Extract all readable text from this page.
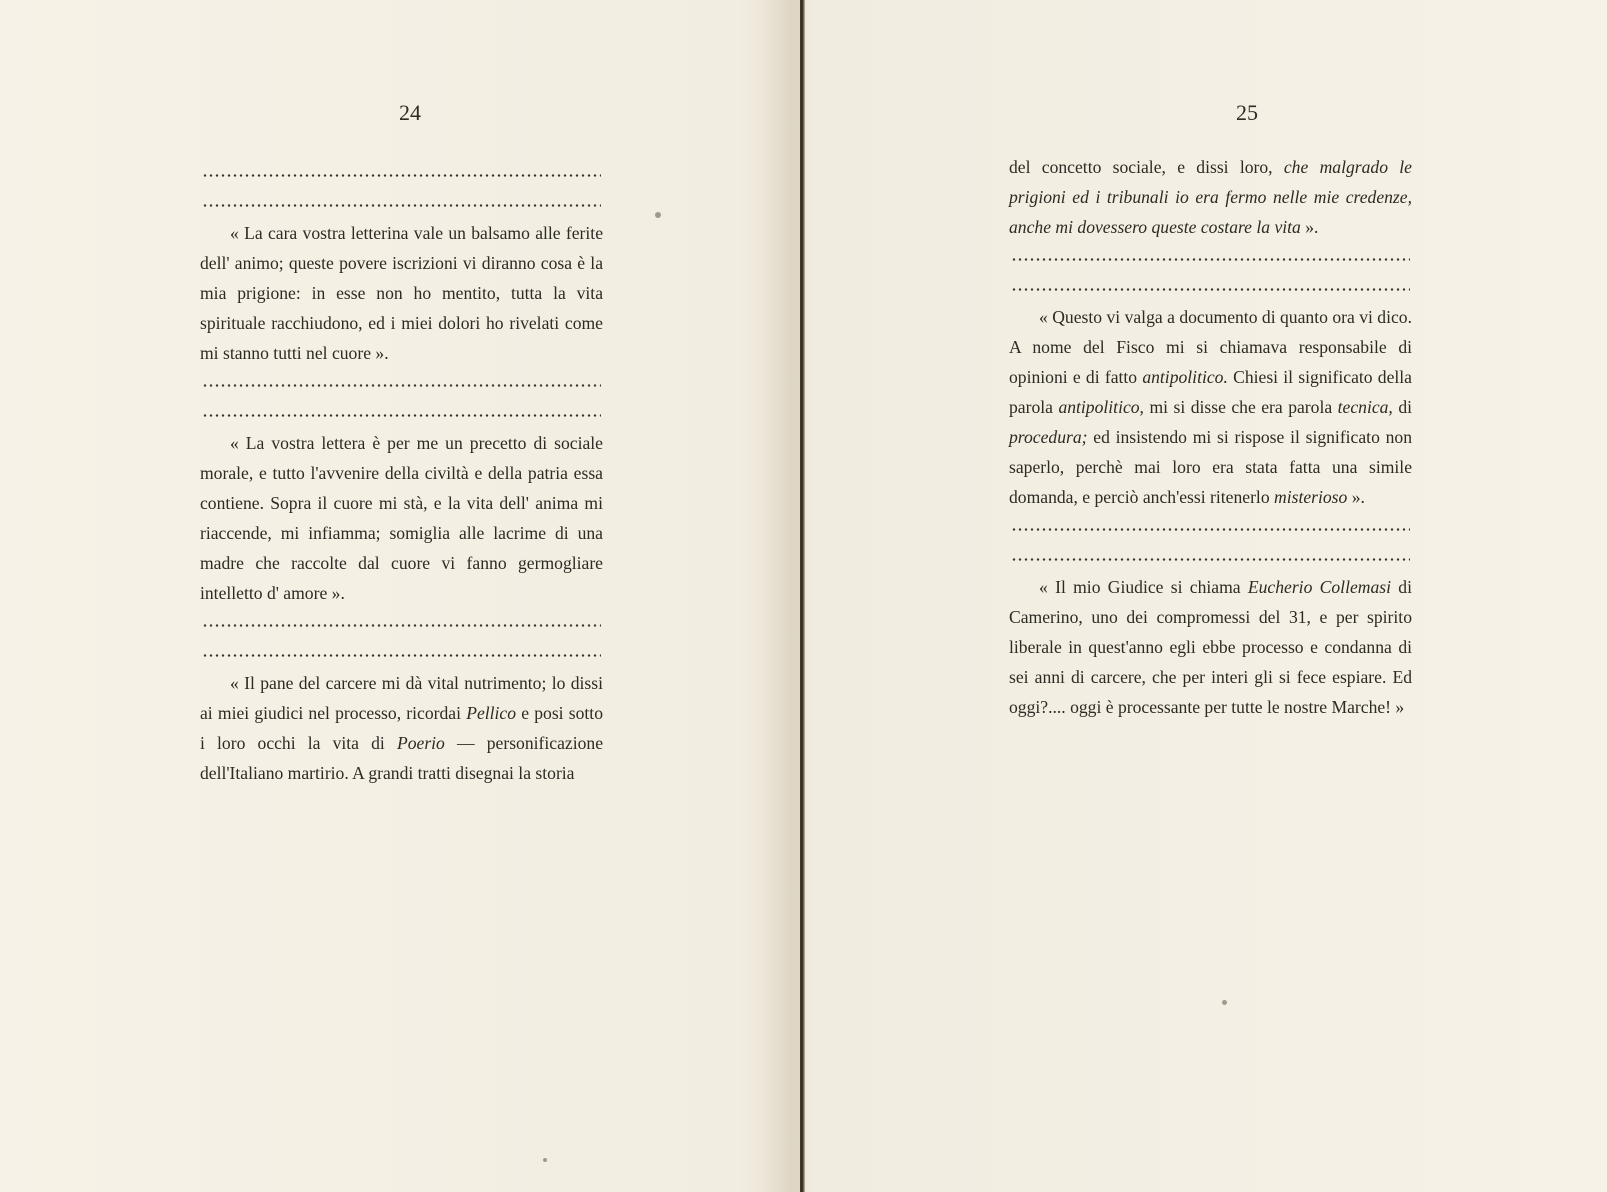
24

« La cara vostra letterina vale un balsamo alle ferite dell' animo; queste povere iscrizioni vi diranno cosa è la mia prigione: in esse non ho mentito, tutta la vita spirituale racchiudono, ed i miei dolori ho rivelati come mi stanno tutti nel cuore ».

« La vostra lettera è per me un precetto di sociale morale, e tutto l'avvenire della civiltà e della patria essa contiene. Sopra il cuore mi stà, e la vita dell' anima mi riaccende, mi infiamma; somiglia alle lacrime di una madre che raccolte dal cuore vi fanno germogliare intelletto d' amore ».

« Il pane del carcere mi dà vital nutrimento; lo dissi ai miei giudici nel processo, ricordai Pellico e posi sotto i loro occhi la vita di Poerio — personificazione dell'Italiano martirio. A grandi tratti disegnai la storia

25

del concetto sociale, e dissi loro, che malgrado le prigioni ed i tribunali io era fermo nelle mie credenze, anche mi dovessero queste costare la vita ».

« Questo vi valga a documento di quanto ora vi dico. A nome del Fisco mi si chiamava responsabile di opinioni e di fatto antipolitico. Chiesi il significato della parola antipolitico, mi si disse che era parola tecnica, di procedura; ed insistendo mi si rispose il significato non saperlo, perchè mai loro era stata fatta una simile domanda, e perciò anch'essi ritenerlo misterioso ».

« Il mio Giudice si chiama Eucherio Collemasi di Camerino, uno dei compromessi del 31, e per spirito liberale in quest'anno egli ebbe processo e condanna di sei anni di carcere, che per interi gli si fece espiare. Ed oggi?.... oggi è processante per tutte le nostre Marche! »
